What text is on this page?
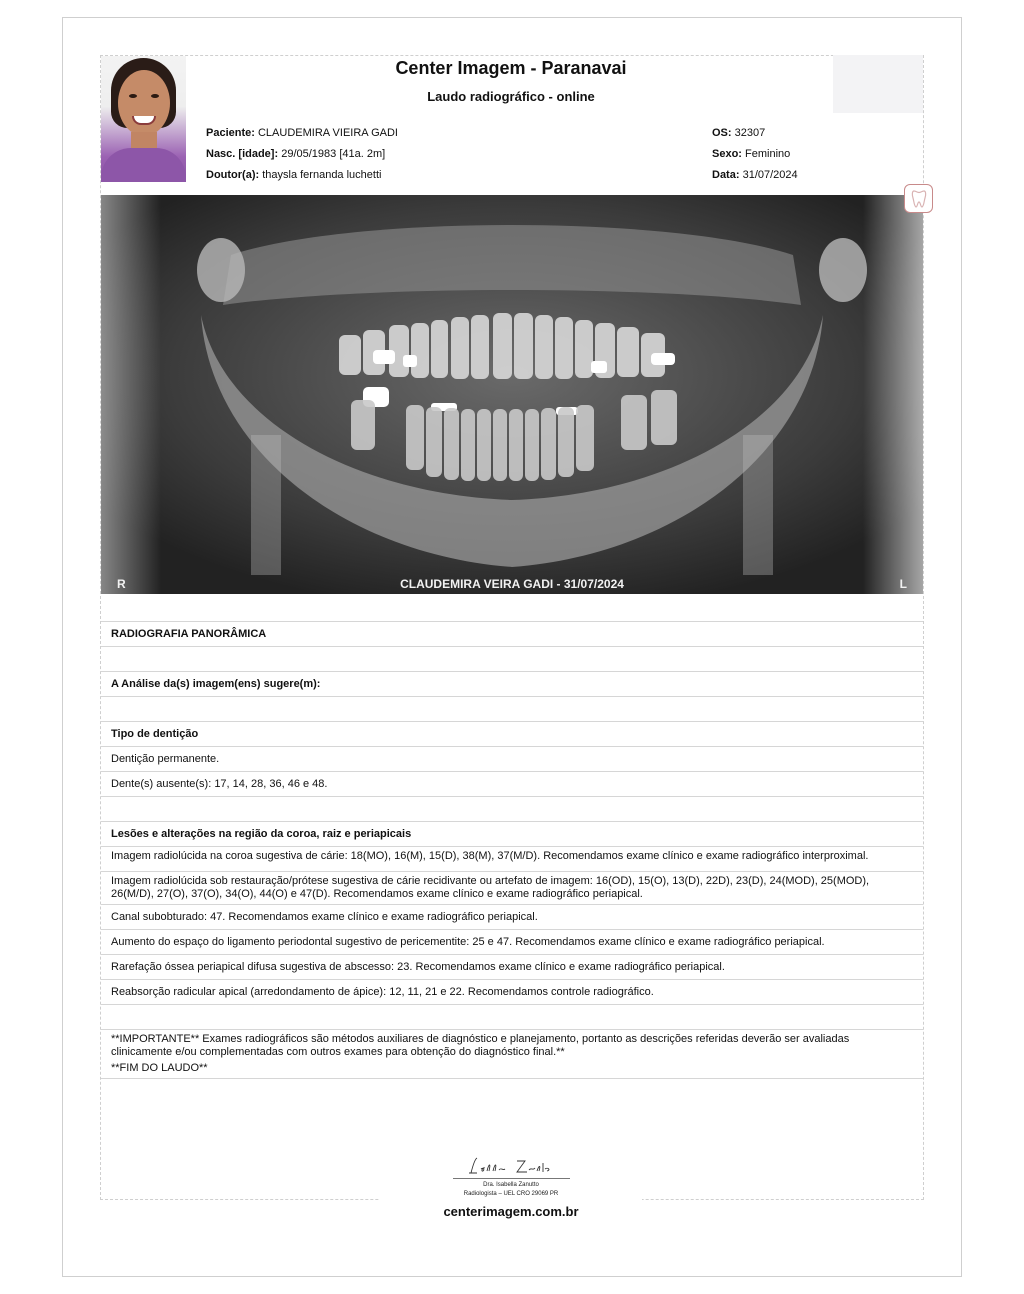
Center Imagem - Paranavai
Laudo radiográfico - online
Paciente: CLAUDEMIRA VIEIRA GADI
Nasc. [idade]: 29/05/1983 [41a. 2m]
Doutor(a): thaysla fernanda luchetti
OS: 32307
Sexo: Feminino
Data: 31/07/2024
R	CLAUDEMIRA VEIRA GADI - 31/07/2024	L
RADIOGRAFIA PANORÂMICA
A Análise da(s) imagem(ens) sugere(m):
Tipo de dentição
Dentição permanente.
Dente(s) ausente(s): 17, 14, 28, 36, 46 e 48.
Lesões e alterações na região da coroa, raiz e periapicais
Imagem radiolúcida na coroa sugestiva de cárie: 18(MO), 16(M), 15(D), 38(M), 37(M/D). Recomendamos exame clínico e exame radiográfico interproximal.
Imagem radiolúcida sob restauração/prótese sugestiva de cárie recidivante ou artefato de imagem: 16(OD), 15(O), 13(D), 22D), 23(D), 24(MOD), 25(MOD), 26(M/D), 27(O), 37(O), 34(O), 44(O) e 47(D). Recomendamos exame clínico e exame radiográfico periapical.
Canal subobturado: 47. Recomendamos exame clínico e exame radiográfico periapical.
Aumento do espaço do ligamento periodontal sugestivo de pericementite: 25 e 47. Recomendamos exame clínico e exame radiográfico periapical.
Rarefação óssea periapical difusa sugestiva de abscesso: 23. Recomendamos exame clínico e exame radiográfico periapical.
Reabsorção radicular apical (arredondamento de ápice): 12, 11, 21 e 22. Recomendamos controle radiográfico.
**IMPORTANTE** Exames radiográficos são métodos auxiliares de diagnóstico e planejamento, portanto as descrições referidas deverão ser avaliadas clinicamente e/ou complementadas com outros exames para obtenção do diagnóstico final.**
**FIM DO LAUDO**
Dra. Isabella Zanutto
Radiologista – UEL CRO 29069 PR
centerimagem.com.br
